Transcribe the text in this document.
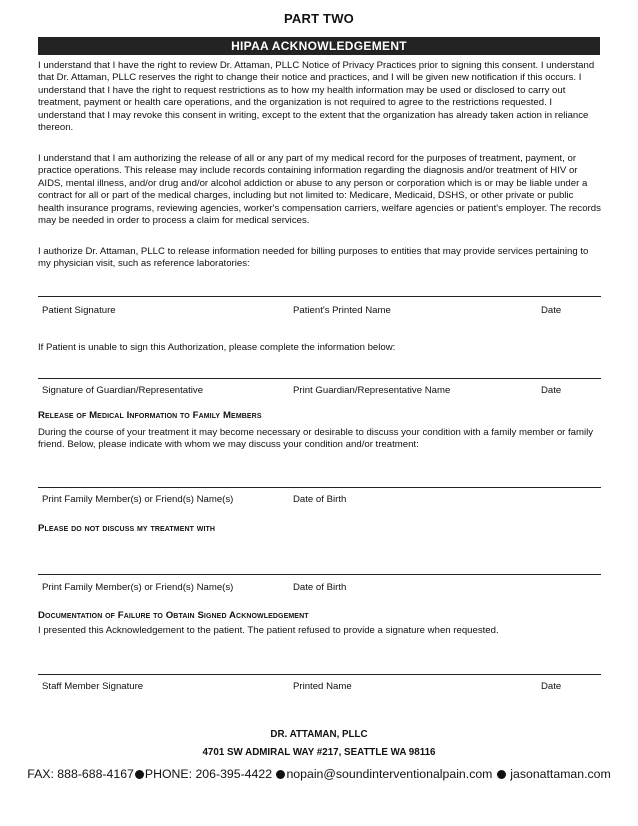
PART TWO
HIPAA ACKNOWLEDGEMENT
I understand that I have the right to review Dr. Attaman, PLLC Notice of Privacy Practices prior to signing this consent. I understand that Dr. Attaman, PLLC reserves the right to change their notice and practices, and I will be given new notification if this occurs. I understand that I have the right to request restrictions as to how my health information may be used or disclosed to carry out treatment, payment or health care operations, and the organization is not required to agree to the restrictions requested. I understand that I may revoke this consent in writing, except to the extent that the organization has already taken action in reliance thereon.
I understand that I am authorizing the release of all or any part of my medical record for the purposes of treatment, payment, or practice operations. This release may include records containing information regarding the diagnosis and/or treatment of HIV or AIDS, mental illness, and/or drug and/or alcohol addiction or abuse to any person or corporation which is or may be liable under a contract for all or part of the medical charges, including but not limited to: Medicare, Medicaid, DSHS, or other private or public health insurance programs, reviewing agencies, worker's compensation carriers, welfare agencies or patient's employer. The records may be needed in order to process a claim for medical services.
I authorize Dr. Attaman, PLLC to release information needed for billing purposes to entities that may provide services pertaining to my physician visit, such as reference laboratories:
Patient Signature	Patient's Printed Name	Date
If Patient is unable to sign this Authorization, please complete the information below:
Signature of Guardian/Representative	Print Guardian/Representative Name	Date
Release of Medical Information to Family Members
During the course of your treatment it may become necessary or desirable to discuss your condition with a family member or family friend. Below, please indicate with whom we may discuss your condition and/or treatment:
Print Family Member(s) or Friend(s) Name(s)	Date of Birth
Please do not discuss my treatment with
Print Family Member(s) or Friend(s) Name(s)	Date of Birth
Documentation of Failure to Obtain Signed Acknowledgement
I presented this Acknowledgement to the patient. The patient refused to provide a signature when requested.
Staff Member Signature	Printed Name	Date
DR. ATTAMAN, PLLC
4701 SW ADMIRAL WAY #217, SEATTLE WA 98116
FAX: 888-688-4167 PHONE: 206-395-4422 nopain@soundinterventionalpain.com jasonattaman.com
